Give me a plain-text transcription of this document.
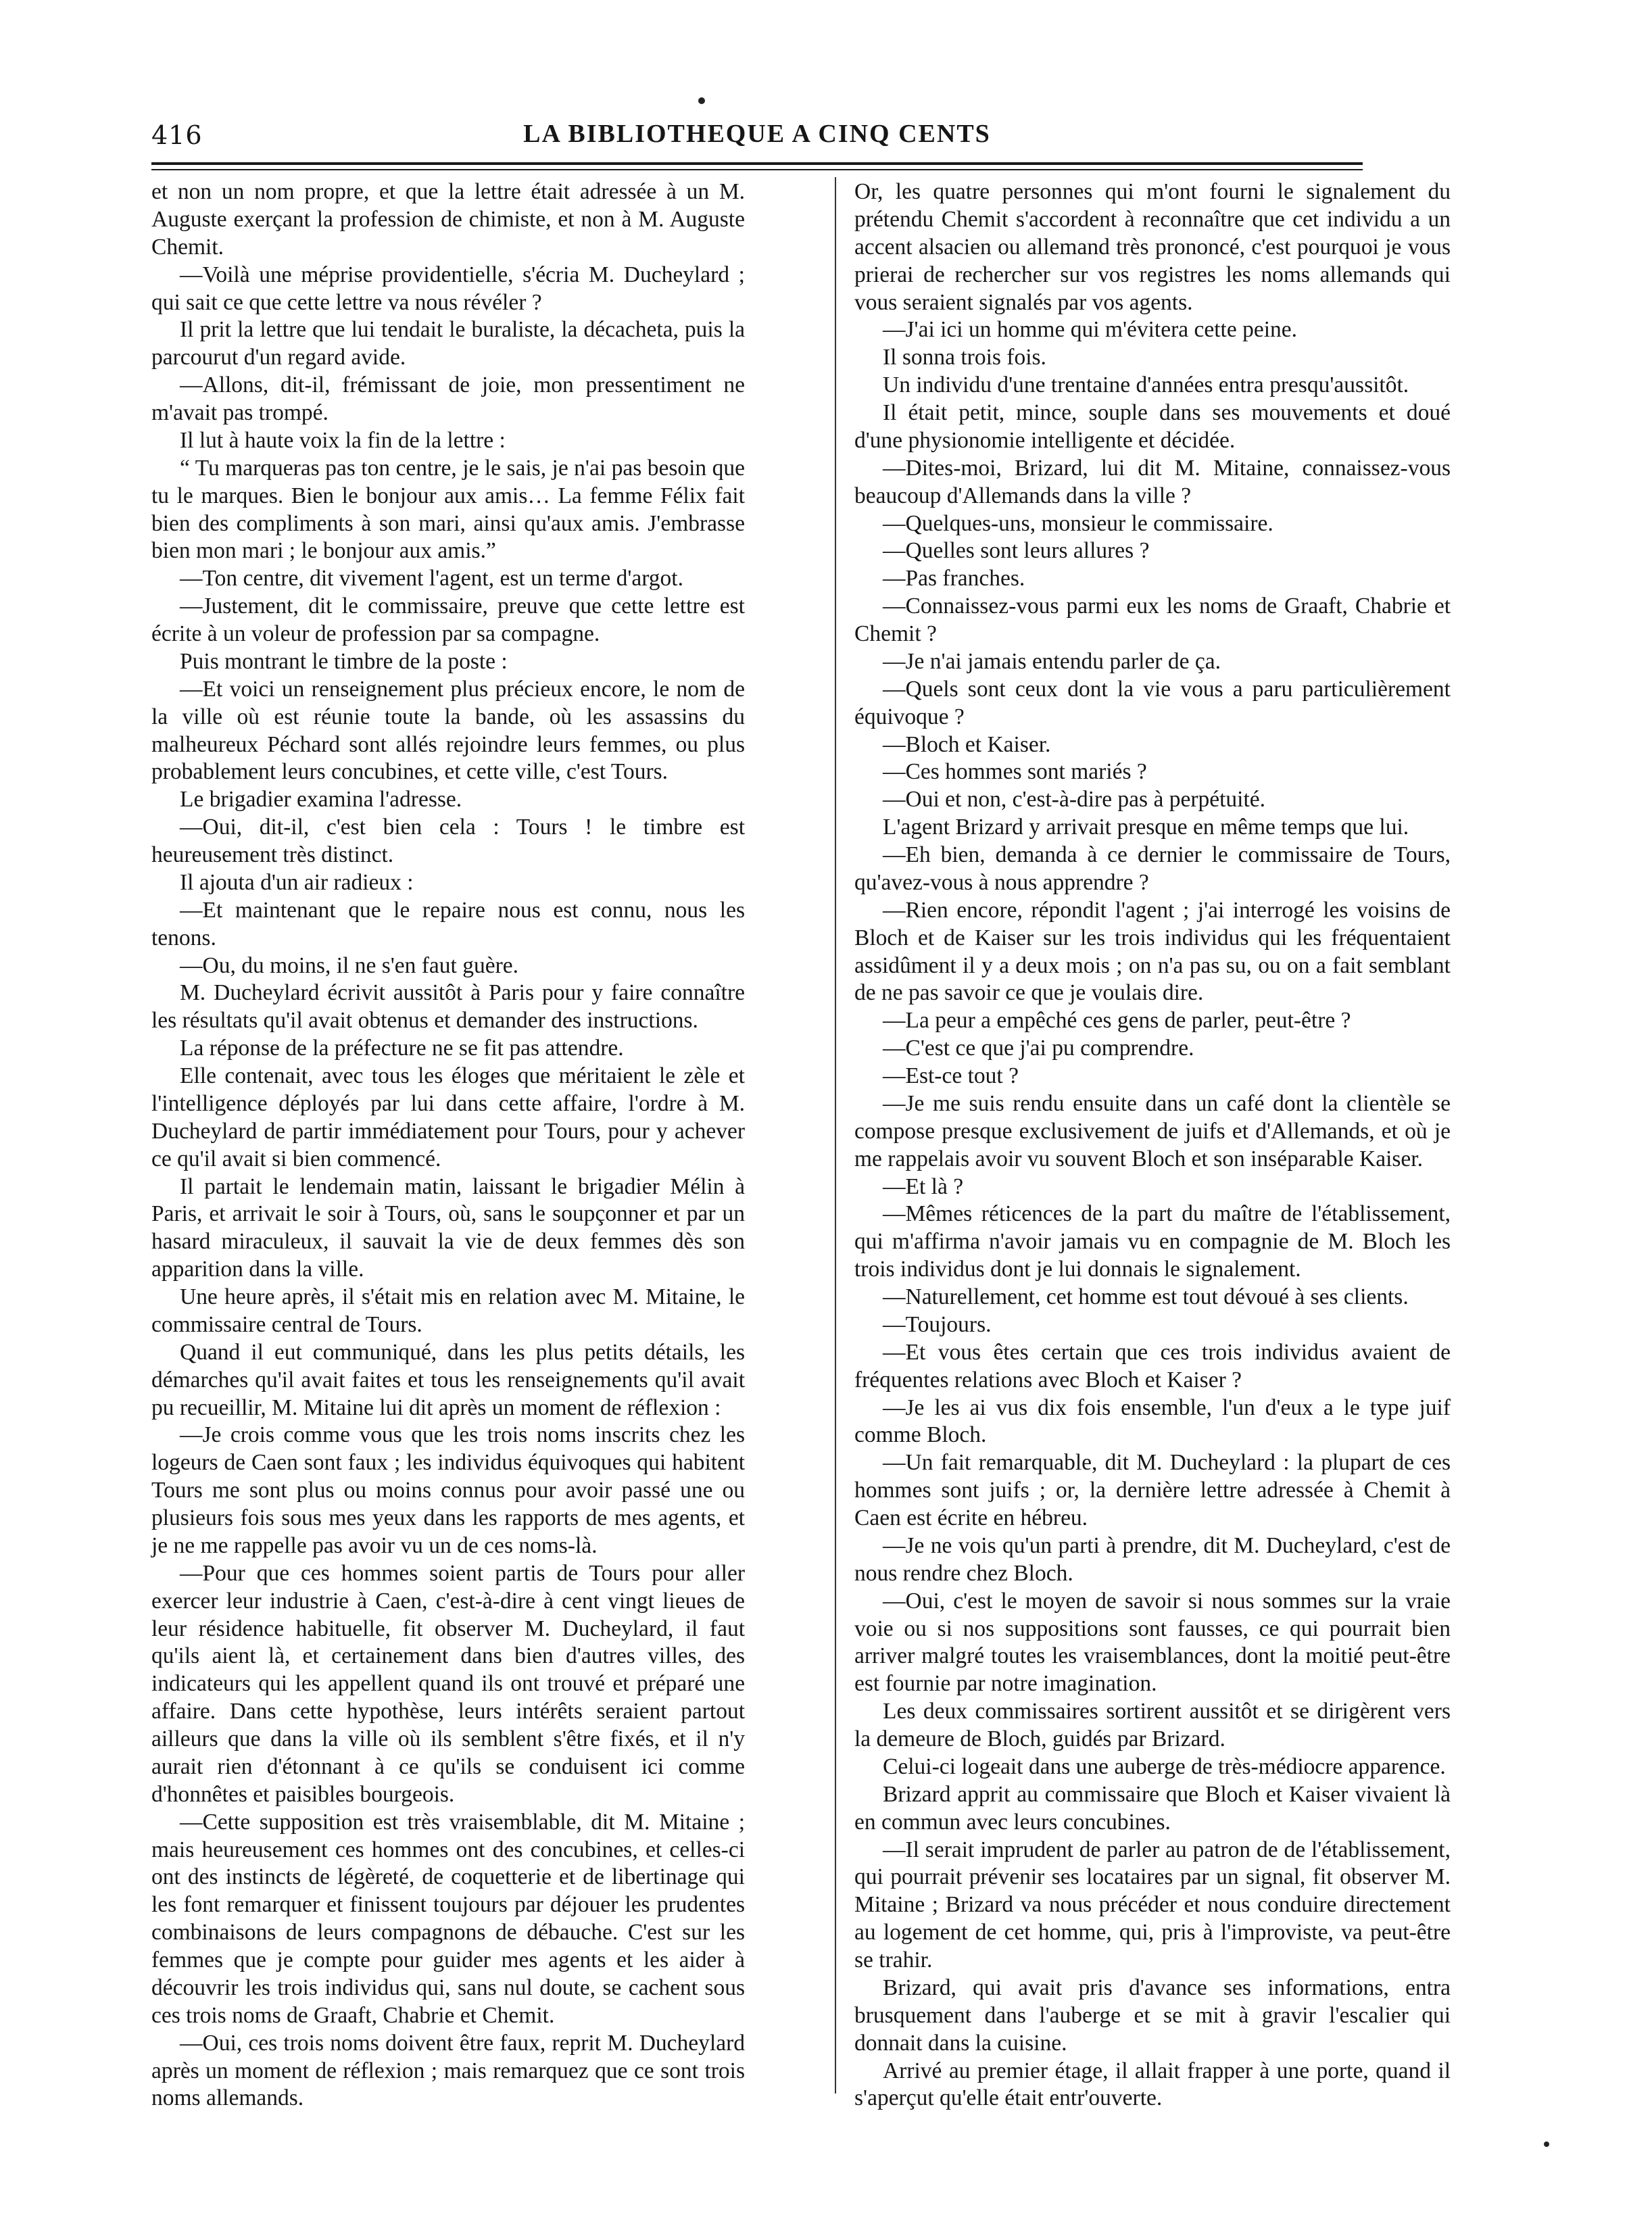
416	LA BIBLIOTHEQUE A CINQ CENTS

et non un nom propre, et que la lettre était adressée à un M. Auguste exerçant la profession de chimiste, et non à M. Auguste Chemit.

—Voilà une méprise providentielle, s'écria M. Ducheylard ; qui sait ce que cette lettre va nous révéler ?

Il prit la lettre que lui tendait le buraliste, la décacheta, puis la parcourut d'un regard avide.

—Allons, dit-il, frémissant de joie, mon pressentiment ne m'avait pas trompé.

Il lut à haute voix la fin de la lettre :

“ Tu marqueras pas ton centre, je le sais, je n'ai pas besoin que tu le marques. Bien le bonjour aux amis… La femme Félix fait bien des compliments à son mari, ainsi qu'aux amis. J'embrasse bien mon mari ; le bonjour aux amis.”

—Ton centre, dit vivement l'agent, est un terme d'argot.

—Justement, dit le commissaire, preuve que cette lettre est écrite à un voleur de profession par sa compagne.

Puis montrant le timbre de la poste :

—Et voici un renseignement plus précieux encore, le nom de la ville où est réunie toute la bande, où les assassins du malheureux Péchard sont allés rejoindre leurs femmes, ou plus probablement leurs concubines, et cette ville, c'est Tours.

Le brigadier examina l'adresse.

—Oui, dit-il, c'est bien cela : Tours ! le timbre est heureusement très distinct.

Il ajouta d'un air radieux :

—Et maintenant que le repaire nous est connu, nous les tenons.

—Ou, du moins, il ne s'en faut guère.

M. Ducheylard écrivit aussitôt à Paris pour y faire connaître les résultats qu'il avait obtenus et demander des instructions.

La réponse de la préfecture ne se fit pas attendre.

Elle contenait, avec tous les éloges que méritaient le zèle et l'intelligence déployés par lui dans cette affaire, l'ordre à M. Ducheylard de partir immédiatement pour Tours, pour y achever ce qu'il avait si bien commencé.

Il partait le lendemain matin, laissant le brigadier Mélin à Paris, et arrivait le soir à Tours, où, sans le soupçonner et par un hasard miraculeux, il sauvait la vie de deux femmes dès son apparition dans la ville.

Une heure après, il s'était mis en relation avec M. Mitaine, le commissaire central de Tours.

Quand il eut communiqué, dans les plus petits détails, les démarches qu'il avait faites et tous les renseignements qu'il avait pu recueillir, M. Mitaine lui dit après un moment de réflexion :

—Je crois comme vous que les trois noms inscrits chez les logeurs de Caen sont faux ; les individus équivoques qui habitent Tours me sont plus ou moins connus pour avoir passé une ou plusieurs fois sous mes yeux dans les rapports de mes agents, et je ne me rappelle pas avoir vu un de ces noms-là.

—Pour que ces hommes soient partis de Tours pour aller exercer leur industrie à Caen, c'est-à-dire à cent vingt lieues de leur résidence habituelle, fit observer M. Ducheylard, il faut qu'ils aient là, et certainement dans bien d'autres villes, des indicateurs qui les appellent quand ils ont trouvé et préparé une affaire. Dans cette hypothèse, leurs intérêts seraient partout ailleurs que dans la ville où ils semblent s'être fixés, et il n'y aurait rien d'étonnant à ce qu'ils se conduisent ici comme d'honnêtes et paisibles bourgeois.

—Cette supposition est très vraisemblable, dit M. Mitaine ; mais heureusement ces hommes ont des concubines, et celles-ci ont des instincts de légèreté, de coquetterie et de libertinage qui les font remarquer et finissent toujours par déjouer les prudentes combinaisons de leurs compagnons de débauche. C'est sur les femmes que je compte pour guider mes agents et les aider à découvrir les trois individus qui, sans nul doute, se cachent sous ces trois noms de Graaft, Chabrie et Chemit.

—Oui, ces trois noms doivent être faux, reprit M. Ducheylard après un moment de réflexion ; mais remarquez que ce sont trois noms allemands.

Or, les quatre personnes qui m'ont fourni le signalement du prétendu Chemit s'accordent à reconnaître que cet individu a un accent alsacien ou allemand très prononcé, c'est pourquoi je vous prierai de rechercher sur vos registres les noms allemands qui vous seraient signalés par vos agents.

—J'ai ici un homme qui m'évitera cette peine.

Il sonna trois fois.

Un individu d'une trentaine d'années entra presqu'aussitôt.

Il était petit, mince, souple dans ses mouvements et doué d'une physionomie intelligente et décidée.

—Dites-moi, Brizard, lui dit M. Mitaine, connaissez-vous beaucoup d'Allemands dans la ville ?

—Quelques-uns, monsieur le commissaire.

—Quelles sont leurs allures ?

—Pas franches.

—Connaissez-vous parmi eux les noms de Graaft, Chabrie et Chemit ?

—Je n'ai jamais entendu parler de ça.

—Quels sont ceux dont la vie vous a paru particulièrement équivoque ?

—Bloch et Kaiser.

—Ces hommes sont mariés ?

—Oui et non, c'est-à-dire pas à perpétuité.

L'agent Brizard y arrivait presque en même temps que lui.

—Eh bien, demanda à ce dernier le commissaire de Tours, qu'avez-vous à nous apprendre ?

—Rien encore, répondit l'agent ; j'ai interrogé les voisins de Bloch et de Kaiser sur les trois individus qui les fréquentaient assidûment il y a deux mois ; on n'a pas su, ou on a fait semblant de ne pas savoir ce que je voulais dire.

—La peur a empêché ces gens de parler, peut-être ?

—C'est ce que j'ai pu comprendre.

—Est-ce tout ?

—Je me suis rendu ensuite dans un café dont la clientèle se compose presque exclusivement de juifs et d'Allemands, et où je me rappelais avoir vu souvent Bloch et son inséparable Kaiser.

—Et là ?

—Mêmes réticences de la part du maître de l'établissement, qui m'affirma n'avoir jamais vu en compagnie de M. Bloch les trois individus dont je lui donnais le signalement.

—Naturellement, cet homme est tout dévoué à ses clients.

—Toujours.

—Et vous êtes certain que ces trois individus avaient de fréquentes relations avec Bloch et Kaiser ?

—Je les ai vus dix fois ensemble, l'un d'eux a le type juif comme Bloch.

—Un fait remarquable, dit M. Ducheylard : la plupart de ces hommes sont juifs ; or, la dernière lettre adressée à Chemit à Caen est écrite en hébreu.

—Je ne vois qu'un parti à prendre, dit M. Ducheylard, c'est de nous rendre chez Bloch.

—Oui, c'est le moyen de savoir si nous sommes sur la vraie voie ou si nos suppositions sont fausses, ce qui pourrait bien arriver malgré toutes les vraisemblances, dont la moitié peut-être est fournie par notre imagination.

Les deux commissaires sortirent aussitôt et se dirigèrent vers la demeure de Bloch, guidés par Brizard.

Celui-ci logeait dans une auberge de très-médiocre apparence.

Brizard apprit au commissaire que Bloch et Kaiser vivaient là en commun avec leurs concubines.

—Il serait imprudent de parler au patron de de l'établissement, qui pourrait prévenir ses locataires par un signal, fit observer M. Mitaine ; Brizard va nous précéder et nous conduire directement au logement de cet homme, qui, pris à l'improviste, va peut-être se trahir.

Brizard, qui avait pris d'avance ses informations, entra brusquement dans l'auberge et se mit à gravir l'escalier qui donnait dans la cuisine.

Arrivé au premier étage, il allait frapper à une porte, quand il s'aperçut qu'elle était entr'ouverte.
